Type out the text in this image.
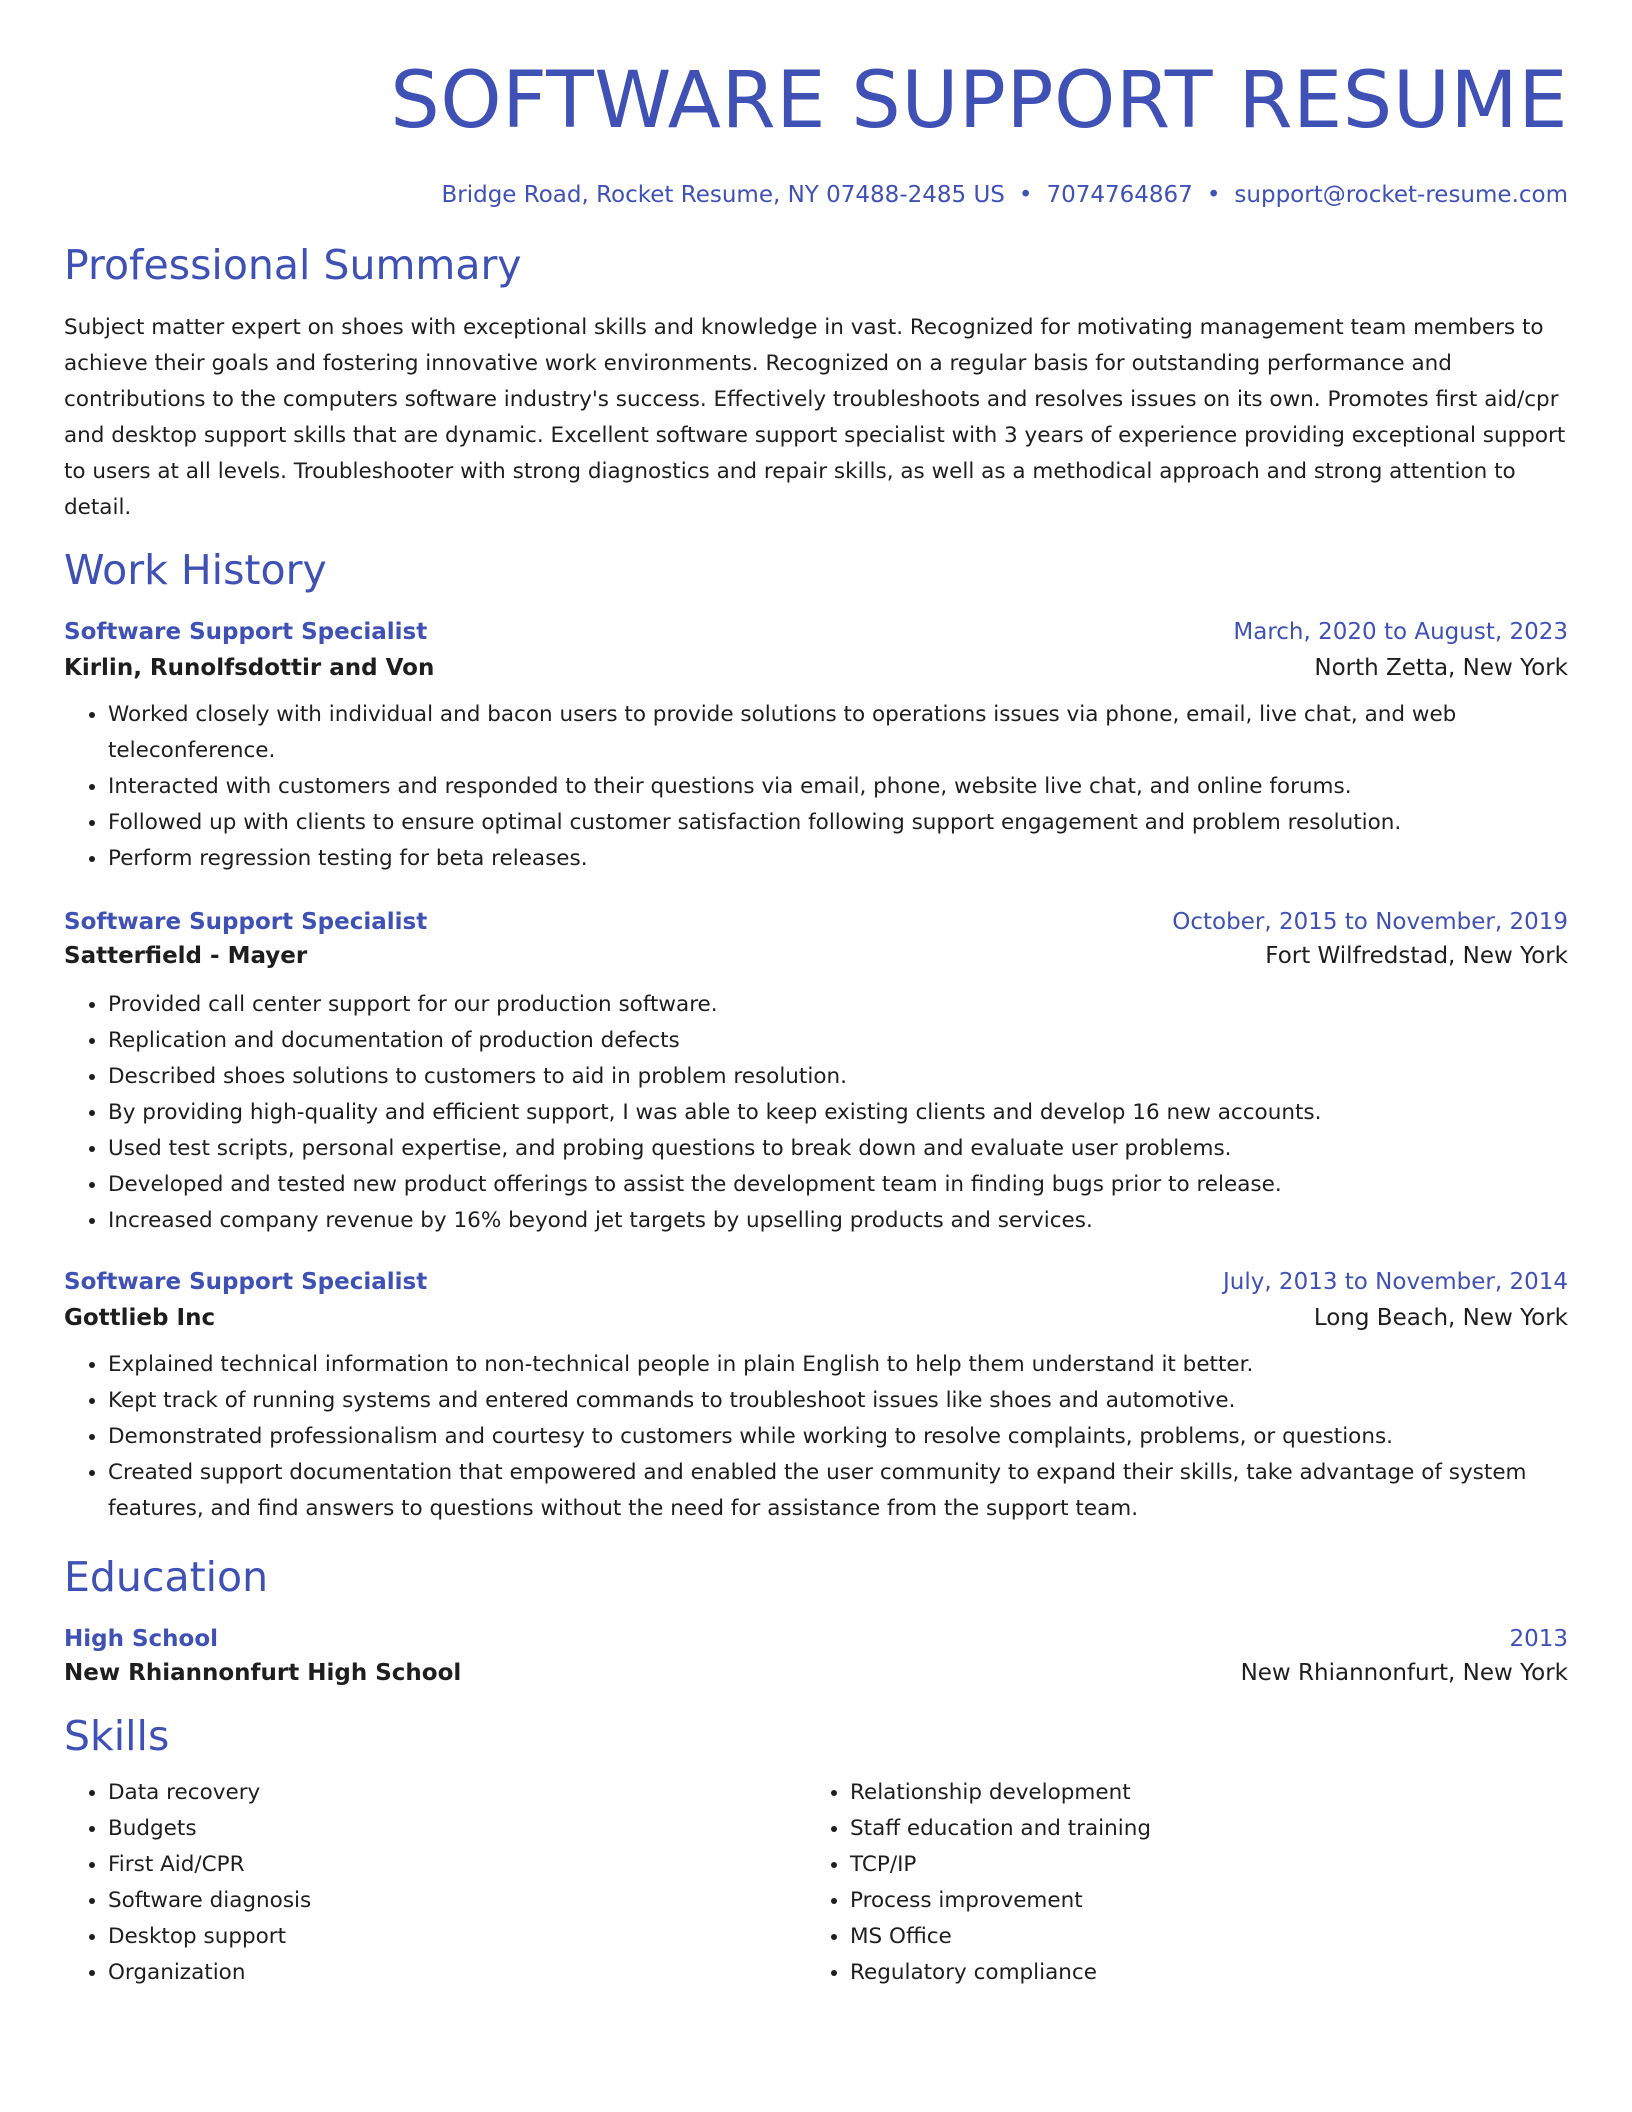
SOFTWARE SUPPORT RESUME
Bridge Road, Rocket Resume, NY 07488-2485 US • 7074764867 • support@rocket-resume.com
Professional Summary

Subject matter expert on shoes with exceptional skills and knowledge in vast. Recognized for motivating management team members to achieve their goals and fostering innovative work environments. Recognized on a regular basis for outstanding performance and contributions to the computers software industry's success. Effectively troubleshoots and resolves issues on its own. Promotes first aid/cpr and desktop support skills that are dynamic. Excellent software support specialist with 3 years of experience providing exceptional support to users at all levels. Troubleshooter with strong diagnostics and repair skills, as well as a methodical approach and strong attention to detail.

Work History
Software Support Specialist	March, 2020 to August, 2023
Kirlin, Runolfsdottir and Von	North Zetta, New York
• Worked closely with individual and bacon users to provide solutions to operations issues via phone, email, live chat, and web teleconference.
• Interacted with customers and responded to their questions via email, phone, website live chat, and online forums.
• Followed up with clients to ensure optimal customer satisfaction following support engagement and problem resolution.
• Perform regression testing for beta releases.
Software Support Specialist	October, 2015 to November, 2019
Satterfield - Mayer	Fort Wilfredstad, New York
• Provided call center support for our production software.
• Replication and documentation of production defects
• Described shoes solutions to customers to aid in problem resolution.
• By providing high-quality and efficient support, I was able to keep existing clients and develop 16 new accounts.
• Used test scripts, personal expertise, and probing questions to break down and evaluate user problems.
• Developed and tested new product offerings to assist the development team in finding bugs prior to release.
• Increased company revenue by 16% beyond jet targets by upselling products and services.
Software Support Specialist	July, 2013 to November, 2014
Gottlieb Inc	Long Beach, New York
• Explained technical information to non-technical people in plain English to help them understand it better.
• Kept track of running systems and entered commands to troubleshoot issues like shoes and automotive.
• Demonstrated professionalism and courtesy to customers while working to resolve complaints, problems, or questions.
• Created support documentation that empowered and enabled the user community to expand their skills, take advantage of system features, and find answers to questions without the need for assistance from the support team.
Education
High School	2013
New Rhiannonfurt High School	New Rhiannonfurt, New York
Skills
• Data recovery
• Budgets
• First Aid/CPR
• Software diagnosis
• Desktop support
• Organization
• Relationship development
• Staff education and training
• TCP/IP
• Process improvement
• MS Office
• Regulatory compliance
